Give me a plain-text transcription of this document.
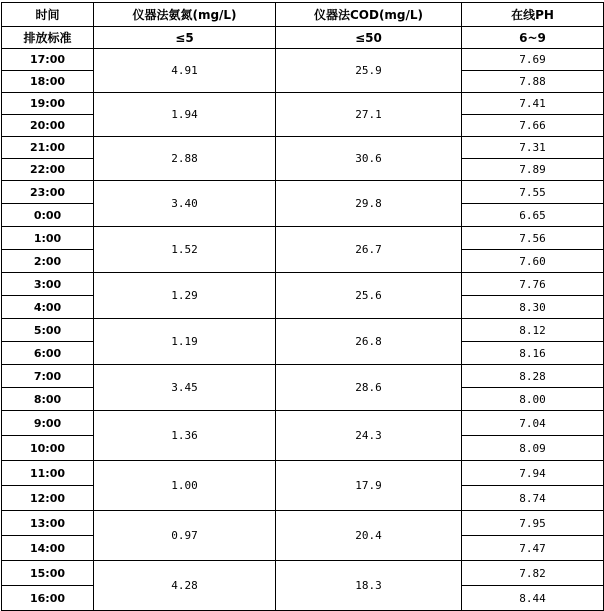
时间	仪器法氨氮(mg/L)	仪器法COD(mg/L)	在线PH
排放标准	≤5	≤50	6~9
17:00	4.91	25.9	7.69
18:00			7.88
19:00	1.94	27.1	7.41
20:00			7.66
21:00	2.88	30.6	7.31
22:00			7.89
23:00	3.40	29.8	7.55
0:00			6.65
1:00	1.52	26.7	7.56
2:00			7.60
3:00	1.29	25.6	7.76
4:00			8.30
5:00	1.19	26.8	8.12
6:00			8.16
7:00	3.45	28.6	8.28
8:00			8.00
9:00	1.36	24.3	7.04
10:00			8.09
11:00	1.00	17.9	7.94
12:00			8.74
13:00	0.97	20.4	7.95
14:00			7.47
15:00	4.28	18.3	7.82
16:00			8.44
